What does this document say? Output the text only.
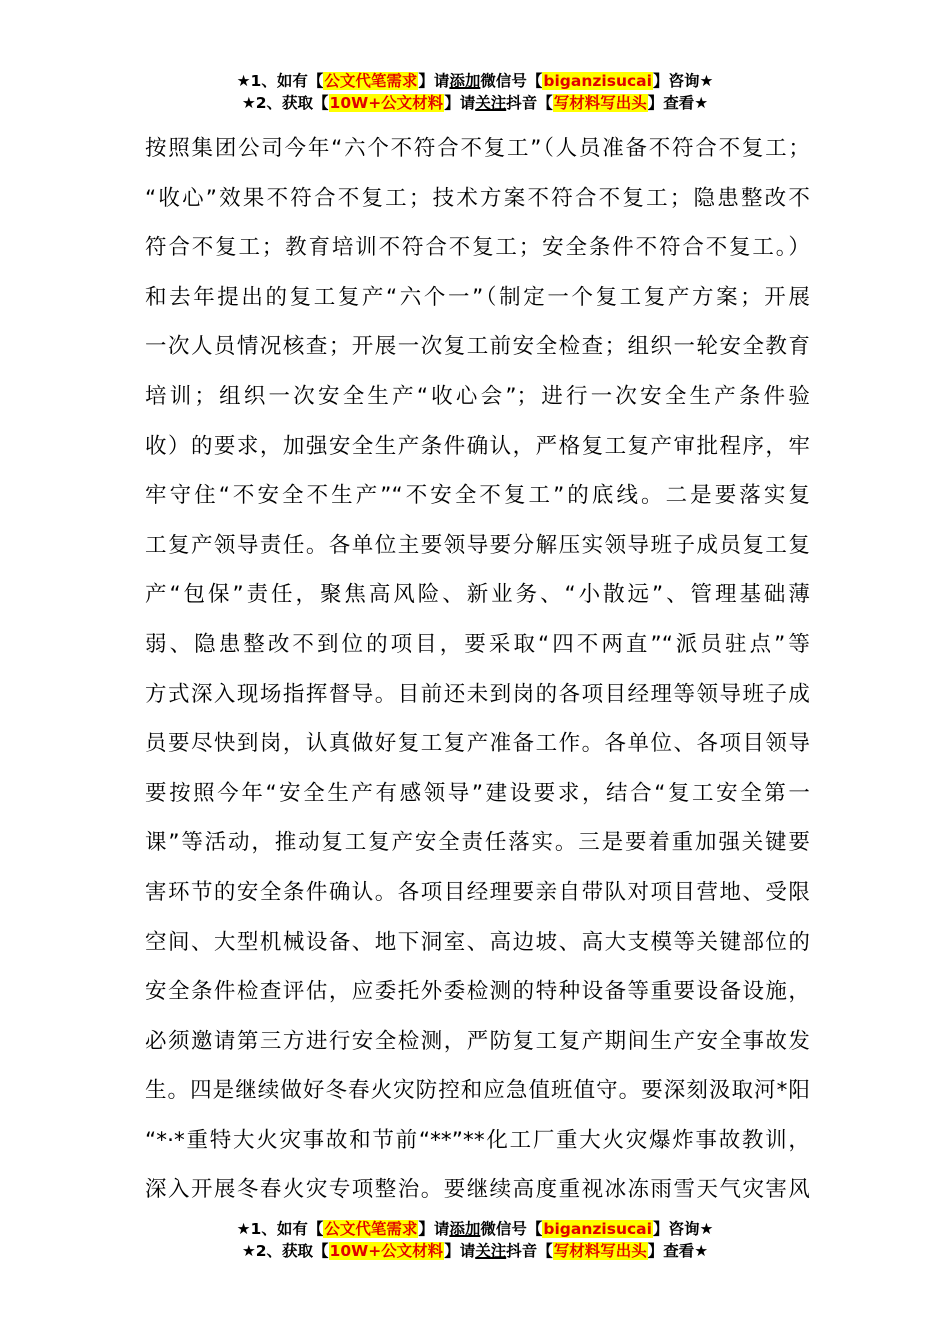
★1、如有【公文代笔需求】请添加微信号【biganzisucai】咨询★
★2、获取【10W+公文材料】请关注抖音【写材料写出头】查看★
按照集团公司今年“六个不符合不复工”（人员准备不符合不复工；
“收心”效果不符合不复工；技术方案不符合不复工；隐患整改不
符合不复工；教育培训不符合不复工；安全条件不符合不复工。）
和去年提出的复工复产“六个一”（制定一个复工复产方案；开展
一次人员情况核查；开展一次复工前安全检查；组织一轮安全教育
培训；组织一次安全生产“收心会”；进行一次安全生产条件验
收）的要求，加强安全生产条件确认，严格复工复产审批程序，牢
牢守住“不安全不生产”“不安全不复工”的底线。二是要落实复
工复产领导责任。各单位主要领导要分解压实领导班子成员复工复
产“包保”责任，聚焦高风险、新业务、“小散远”、管理基础薄
弱、隐患整改不到位的项目，要采取“四不两直”“派员驻点”等
方式深入现场指挥督导。目前还未到岗的各项目经理等领导班子成
员要尽快到岗，认真做好复工复产准备工作。各单位、各项目领导
要按照今年“安全生产有感领导”建设要求，结合“复工安全第一
课”等活动，推动复工复产安全责任落实。三是要着重加强关键要
害环节的安全条件确认。各项目经理要亲自带队对项目营地、受限
空间、大型机械设备、地下洞室、高边坡、高大支模等关键部位的
安全条件检查评估，应委托外委检测的特种设备等重要设备设施，
必须邀请第三方进行安全检测，严防复工复产期间生产安全事故发
生。四是继续做好冬春火灾防控和应急值班值守。要深刻汲取河*阳
“*·*重特大火灾事故和节前“**”**化工厂重大火灾爆炸事故教训，
深入开展冬春火灾专项整治。要继续高度重视冰冻雨雪天气灾害风
★1、如有【公文代笔需求】请添加微信号【biganzisucai】咨询★
★2、获取【10W+公文材料】请关注抖音【写材料写出头】查看★
